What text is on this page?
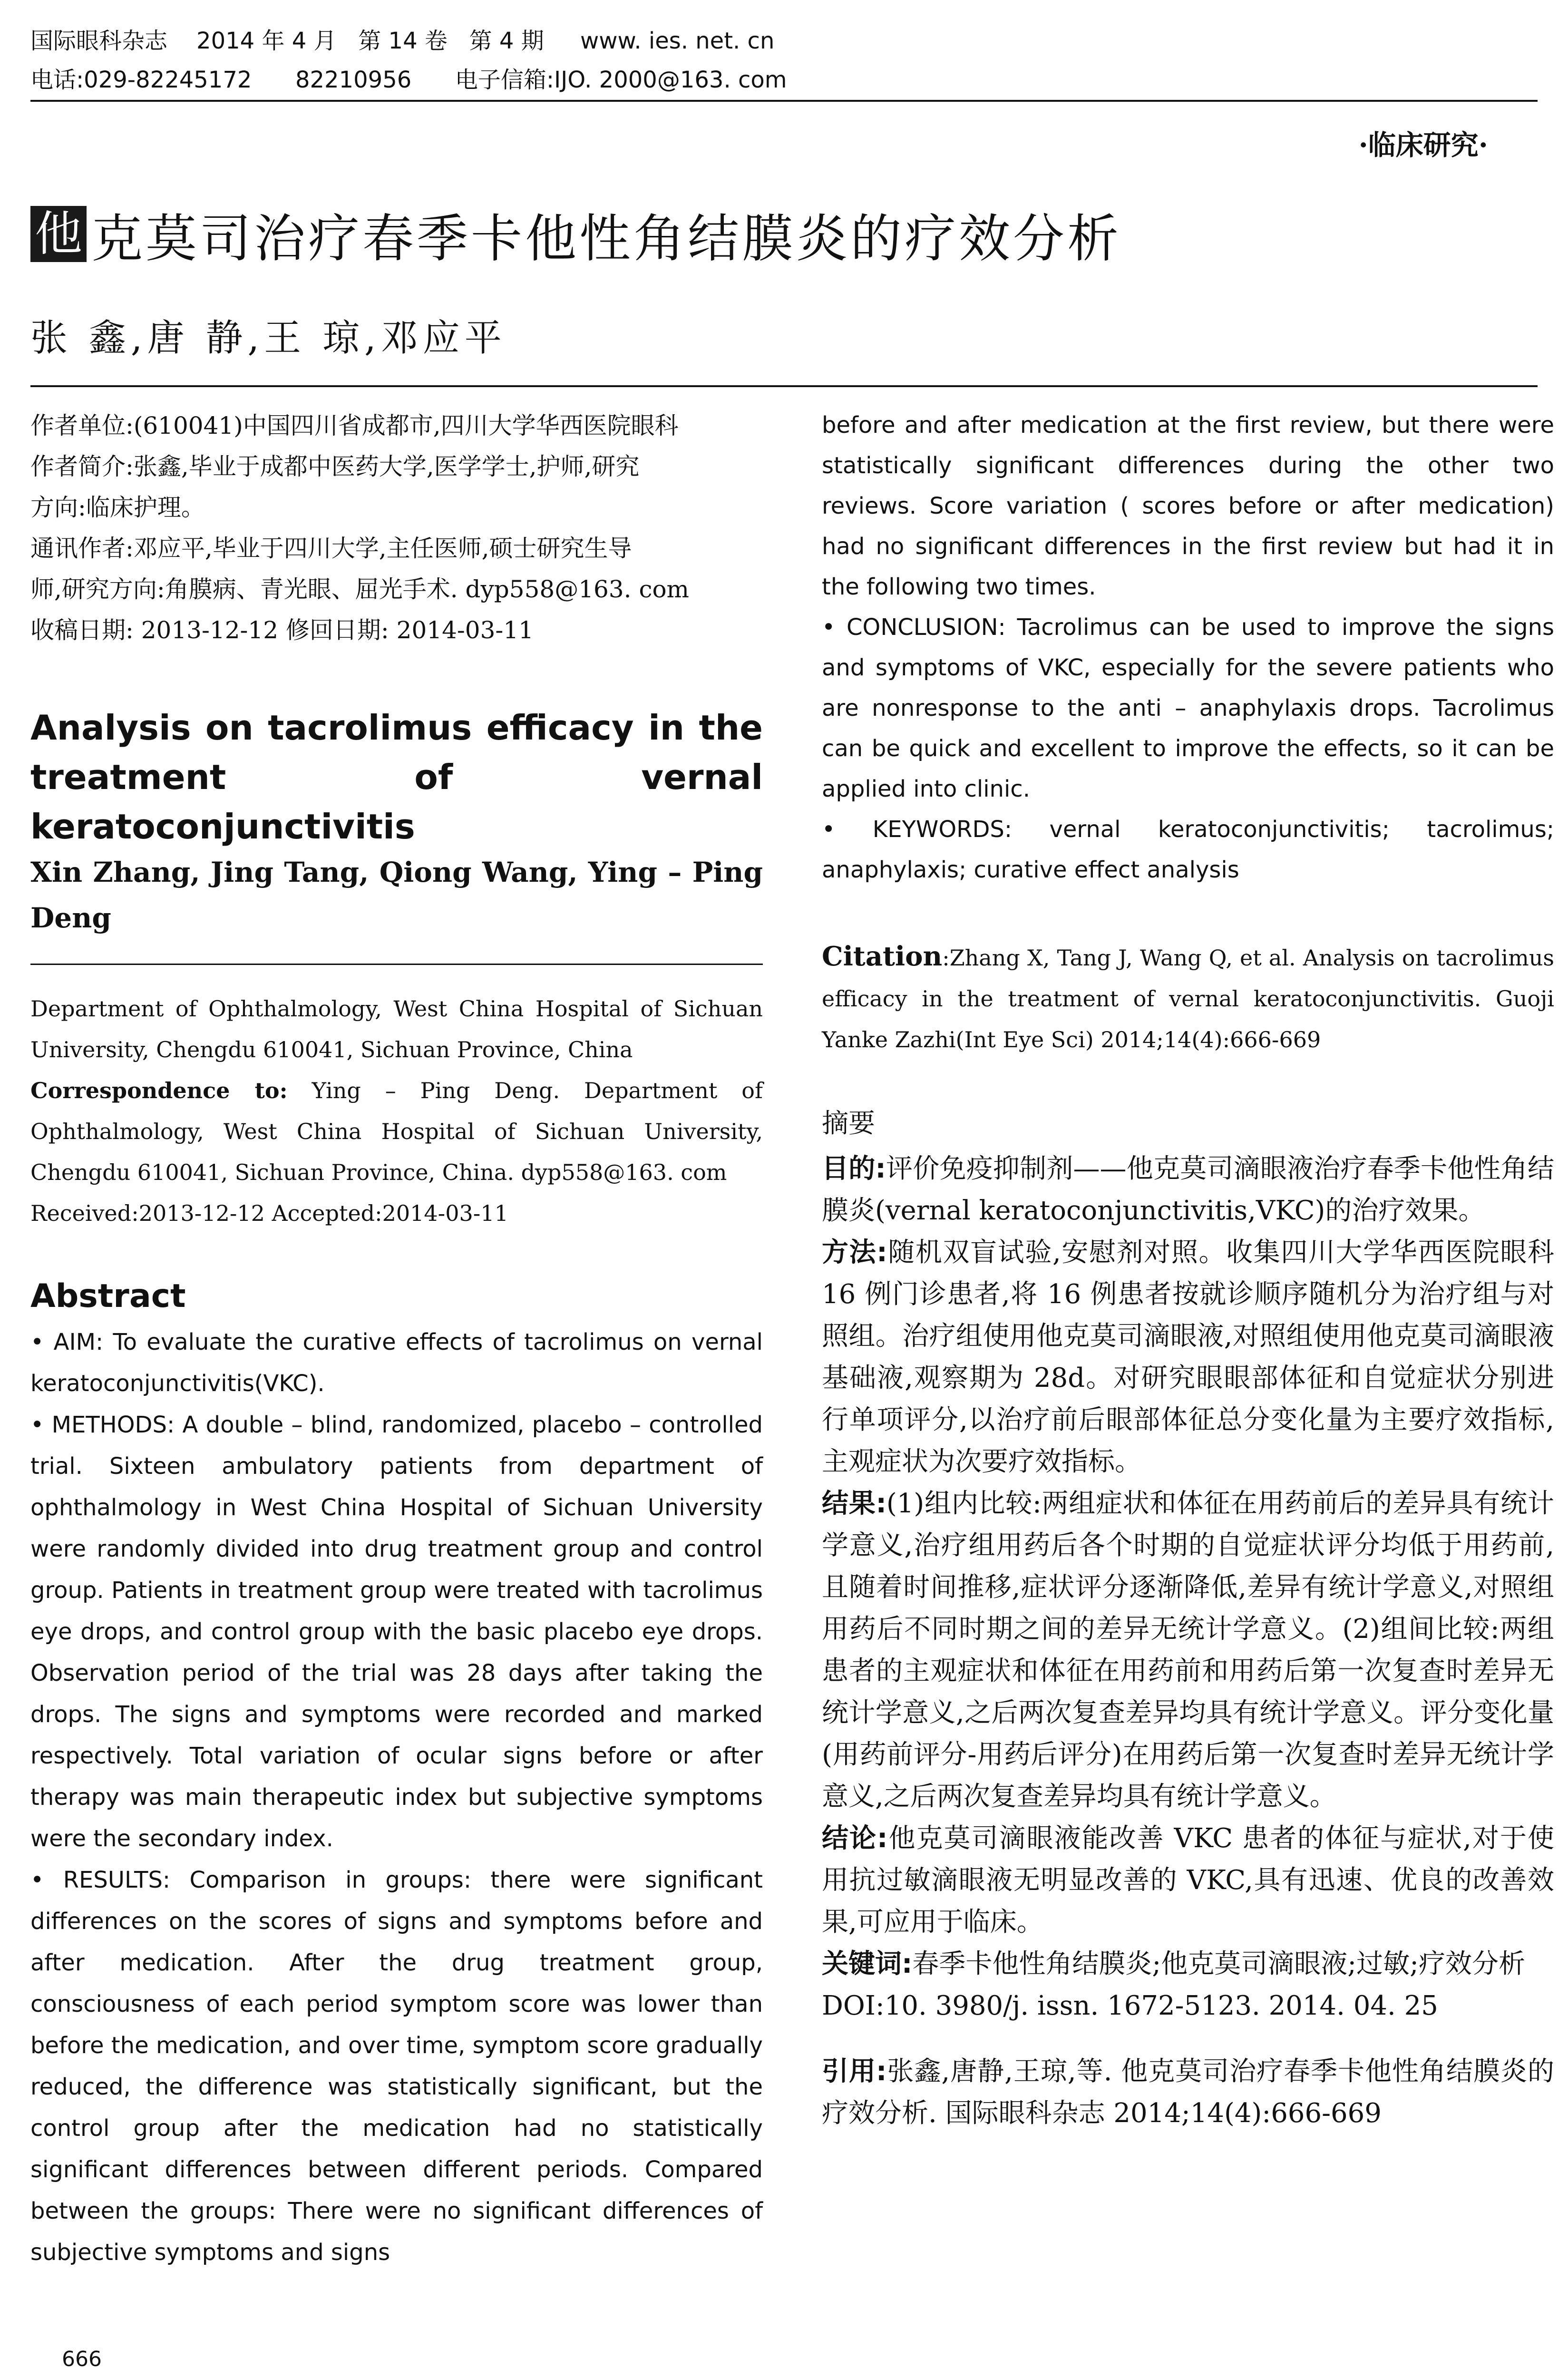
国际眼科杂志    2014 年 4 月   第 14 卷   第 4 期     www. ies. net. cn
电话:029-82245172      82210956      电子信箱:IJO. 2000@163. com
·临床研究·
他 克莫司治疗春季卡他性角结膜炎的疗效分析
张 鑫,唐 静,王 琼,邓应平

作者单位:(610041)中国四川省成都市,四川大学华西医院眼科

作者简介:张鑫,毕业于成都中医药大学,医学学士,护师,研究

方向:临床护理。

通讯作者:邓应平,毕业于四川大学,主任医师,硕士研究生导

师,研究方向:角膜病、青光眼、屈光手术. dyp558@163. com

收稿日期: 2013-12-12 修回日期: 2014-03-11

Analysis on tacrolimus efficacy in the treatment of vernal keratoconjunctivitis

Xin Zhang, Jing Tang, Qiong Wang, Ying – Ping Deng

Department of Ophthalmology, West China Hospital of Sichuan University, Chengdu 610041, Sichuan Province, China

Correspondence to: Ying – Ping Deng. Department of Ophthalmology, West China Hospital of Sichuan University, Chengdu 610041, Sichuan Province, China. dyp558@163. com

Received:2013-12-12 Accepted:2014-03-11

Abstract

• AIM: To evaluate the curative effects of tacrolimus on vernal keratoconjunctivitis(VKC).

• METHODS: A double – blind, randomized, placebo – controlled trial. Sixteen ambulatory patients from department of ophthalmology in West China Hospital of Sichuan University were randomly divided into drug treatment group and control group. Patients in treatment group were treated with tacrolimus eye drops, and control group with the basic placebo eye drops. Observation period of the trial was 28 days after taking the drops. The signs and symptoms were recorded and marked respectively. Total variation of ocular signs before or after therapy was main therapeutic index but subjective symptoms were the secondary index.

• RESULTS: Comparison in groups: there were significant differences on the scores of signs and symptoms before and after medication. After the drug treatment group, consciousness of each period symptom score was lower than before the medication, and over time, symptom score gradually reduced, the difference was statistically significant, but the control group after the medication had no statistically significant differences between different periods. Compared between the groups: There were no significant differences of subjective symptoms and signs

before and after medication at the first review, but there were statistically significant differences during the other two reviews. Score variation ( scores before or after medication) had no significant differences in the first review but had it in the following two times.

• CONCLUSION: Tacrolimus can be used to improve the signs and symptoms of VKC, especially for the severe patients who are nonresponse to the anti – anaphylaxis drops. Tacrolimus can be quick and excellent to improve the effects, so it can be applied into clinic.

• KEYWORDS: vernal keratoconjunctivitis; tacrolimus; anaphylaxis; curative effect analysis

Citation:Zhang X, Tang J, Wang Q, et al. Analysis on tacrolimus efficacy in the treatment of vernal keratoconjunctivitis. Guoji Yanke Zazhi(Int Eye Sci) 2014;14(4):666-669

摘要

目的:评价免疫抑制剂——他克莫司滴眼液治疗春季卡他性角结膜炎(vernal keratoconjunctivitis,VKC)的治疗效果。

方法:随机双盲试验,安慰剂对照。收集四川大学华西医院眼科 16 例门诊患者,将 16 例患者按就诊顺序随机分为治疗组与对照组。治疗组使用他克莫司滴眼液,对照组使用他克莫司滴眼液基础液,观察期为 28d。对研究眼眼部体征和自觉症状分别进行单项评分,以治疗前后眼部体征总分变化量为主要疗效指标,主观症状为次要疗效指标。

结果:(1)组内比较:两组症状和体征在用药前后的差异具有统计学意义,治疗组用药后各个时期的自觉症状评分均低于用药前,且随着时间推移,症状评分逐渐降低,差异有统计学意义,对照组用药后不同时期之间的差异无统计学意义。(2)组间比较:两组患者的主观症状和体征在用药前和用药后第一次复查时差异无统计学意义,之后两次复查差异均具有统计学意义。评分变化量(用药前评分-用药后评分)在用药后第一次复查时差异无统计学意义,之后两次复查差异均具有统计学意义。

结论:他克莫司滴眼液能改善 VKC 患者的体征与症状,对于使用抗过敏滴眼液无明显改善的 VKC,具有迅速、优良的改善效果,可应用于临床。

关键词:春季卡他性角结膜炎;他克莫司滴眼液;过敏;疗效分析

DOI:10. 3980/j. issn. 1672-5123. 2014. 04. 25

引用:张鑫,唐静,王琼,等. 他克莫司治疗春季卡他性角结膜炎的疗效分析. 国际眼科杂志 2014;14(4):666-669

666
